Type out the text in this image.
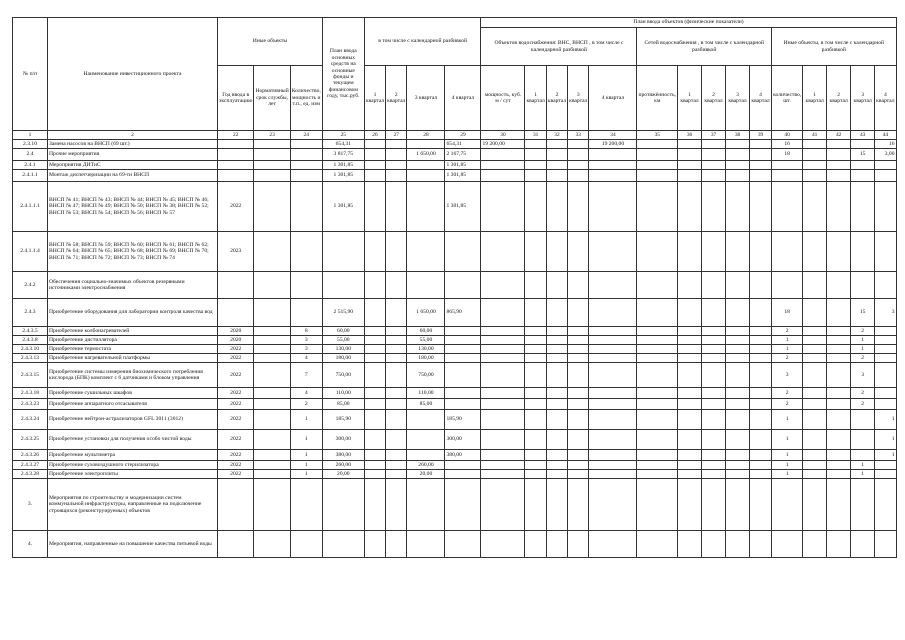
№ п/п	Наименование инвестиционного проекта	Иные объекты			План ввода основных средств на основные фонды и текущем финансовом году, тыс.руб.	в том числе с календарной разбивкой				План ввода объектов (физические показатели)														
										Объектов водоснабжения: ВНС, ВНСП , в том числе с календарной разбивкой					Сетей водоснабжения , в том числе с календарной разбивкой					Иные объекты, в том числе с календарной разбивкой				
		Год ввода в эксплуатацию	Нормативный срок службы, лет	Количество, мощность и т.п., ед. изм		1 квартал	2 квартал	3 квартал	4 квартал	мощность, куб. м / сут	1 квартал	2 квартал	3 квартал	4 квартал	протяжённость, км	1 квартал	2 квартал	3 квартал	4 квартал	количество, шт.	1 квартал	2 квартал	3 квартал	4 квартал
1	2	22	23	24	25	26	27	28	29	30	31	32	33	34	35	36	37	38	39	40	41	42	43	44
2.3.10	Замена насосов на ВНСП (69 шт.)				654,31				654,31	19 200,00				19 200,00						16				16
2.4	Прочие мероприятия				3 817,75			1 650,00	2 167,75											18			15	3,00
2.4.1	Мероприятия ДИТиС				1 301,85				1 301,85															
2.4.1.1	Монтаж диспетчеризации на 69-ти ВНСП				1 301,85				1 301,85															
2.4.1.1.1	ВНСП № 41; ВНСП № 43; ВНСП № 44; ВНСП № 45; ВНСП № 46; ВНСП № 47; ВНСП № 49; ВНСП № 50; ВНСП № 38; ВНСП № 52; ВНСП № 53; ВНСП № 54; ВНСП № 56; ВНСП № 57	2022			1 301,85				1 301,85															
2.4.1.1.4	ВНСП № 58; ВНСП № 59; ВНСП № 60; ВНСП № 61; ВНСП № 62; ВНСП № 64; ВНСП № 65; ВНСП № 68; ВНСП № 69; ВНСП № 70; ВНСП № 71; ВНСП № 72; ВНСП № 73; ВНСП № 74	2023																						
2.4.2	Обеспечения социально-значимых объектов резервными источниками электроснабжения																							
2.4.3	Приобретение оборудования для лаборатории контроля качества вод				2 515,90			1 650,00	865,90											18			15	3
2.4.3.5	Приобретение колбонагревателей	2020		8	60,00			60,00												2			2	
2.4.3.8	Приобретение дистиллятора	2020		3	55,00			55,00												1			1	
2.4.3.10	Приобретение термостата	2022		3	130,00			130,00												1			1	
2.4.3.13	Приобретение нагревательной платформы	2022		4	180,00			180,00												2			2	
2.4.3.15	Приобретение системы измерения биохимического потребления кислорода (БПК) комплект с 6 датчиками и блоком управления	2022		7	750,00			750,00												3			3	
2.4.3.18	Приобретение сушильных шкафов	2022		4	110,00			110,00												2			2	
2.4.3.23	Приобретение аппаратного отсасывателя	2022		2	85,00			85,00												2			2	
2.4.3.24	Приобретение нейтрон-астрализаторов GFL 3011 (3012)	2022		1	185,90				185,90											1				1
2.4.3.25	Приобретение установки для получения особо чистой воды	2022		1	300,00				300,00											1				1
2.4.3.26	Приобретение мультиметра	2022		1	380,00				380,00											1				1
2.4.3.27	Приобретение суховоздушного стерилизатора	2022		1	260,00			260,00												1			1	
2.4.3.28	Приобретение электроплиты	2022		1	20,00			20,00												1			1	
3.	Мероприятия по строительству и модернизации систем коммунальной инфраструктуры, направленные на подключение строящихся (реконструируемых) объектов																							
4.	Мероприятия, направленные на повышение качества питьевой воды																							
